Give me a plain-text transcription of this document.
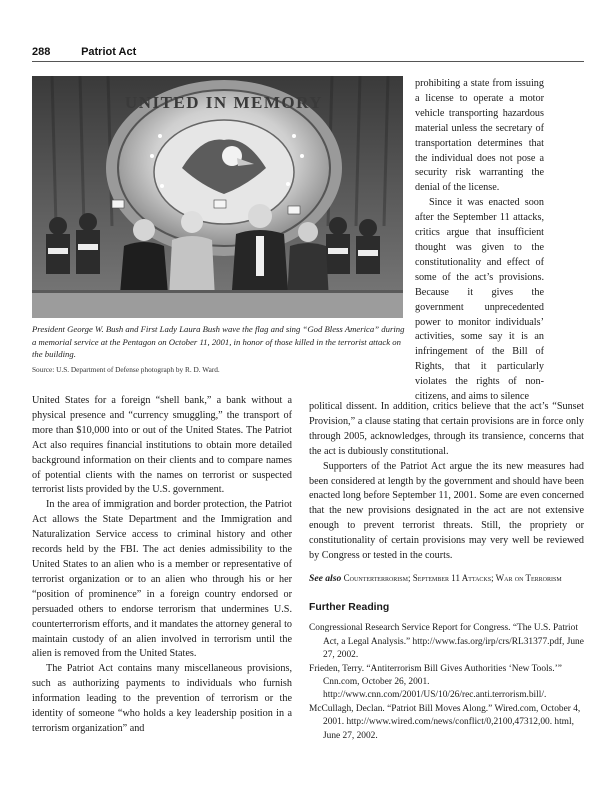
288	Patriot Act
UNITED IN MEMORY
President George W. Bush and First Lady Laura Bush wave the flag and sing “God Bless America” during a memorial service at the Pentagon on October 11, 2001, in honor of those killed in the terrorist attack on the building.
Source: U.S. Department of Defense photograph by R. D. Ward.

prohibiting a state from issuing a license to operate a motor vehicle transporting hazardous material unless the secretary of transportation determines that the individual does not pose a security risk warranting the denial of the license.

Since it was enacted soon after the September 11 attacks, critics argue that insufficient thought was given to the constitutionality and effect of some of the act’s provisions. Because it gives the government unprecedented power to monitor individuals’ activities, some say it is an infringement of the Bill of Rights, that it particularly violates the rights of non-citizens, and aims to silence

United States for a foreign “shell bank,” a bank without a physical presence and “currency smuggling,” the transport of more than $10,000 into or out of the United States. The Patriot Act also requires financial institutions to obtain more detailed background information on their clients and to compare names of potential clients with the names on terrorist or suspected terrorist lists provided by the U.S. government.

In the area of immigration and border protection, the Patriot Act allows the State Department and the Immigration and Naturalization Service access to criminal history and other records held by the FBI. The act denies admissibility to the United States to an alien who is a member or representative of terrorist organization or to an alien who through his or her “position of prominence” in a foreign country endorsed or persuaded others to endorse terrorism that undermines U.S. counterterrorism efforts, and it mandates the attorney general to maintain custody of an alien involved in terrorism until the alien is removed from the United States.

The Patriot Act contains many miscellaneous provisions, such as authorizing payments to individuals who furnish information leading to the prevention of terrorism or the identity of someone “who holds a key leadership position in a terrorism organization” and

political dissent. In addition, critics believe that the act’s “Sunset Provision,” a clause stating that certain provisions are in force only through 2005, acknowledges, through its transience, concerns that the act is dubiously constitutional.

Supporters of the Patriot Act argue the its new measures had been considered at length by the government and should have been enacted long before September 11, 2001. Some are even concerned that the new provisions designated in the act are not extensive enough to prevent terrorist threats. Still, the propriety or constitutionality of certain provisions may very well be reviewed by Congress or tested in the courts.

See also Counterterrorism; September 11 Attacks; War on Terrorism

Further Reading

Congressional Research Service Report for Congress. “The U.S. Patriot Act, a Legal Analysis.” http://www.fas.org/irp/crs/RL31377.pdf, June 27, 2002.

Frieden, Terry. “Antiterrorism Bill Gives Authorities ‘New Tools.’” Cnn.com, October 26, 2001. http://www.cnn.com/2001/US/10/26/rec.anti.terrorism.bill/.

McCullagh, Declan. “Patriot Bill Moves Along.” Wired.com, October 4, 2001. http://www.wired.com/news/conflict/0,2100,47312,00. html, June 27, 2002.
